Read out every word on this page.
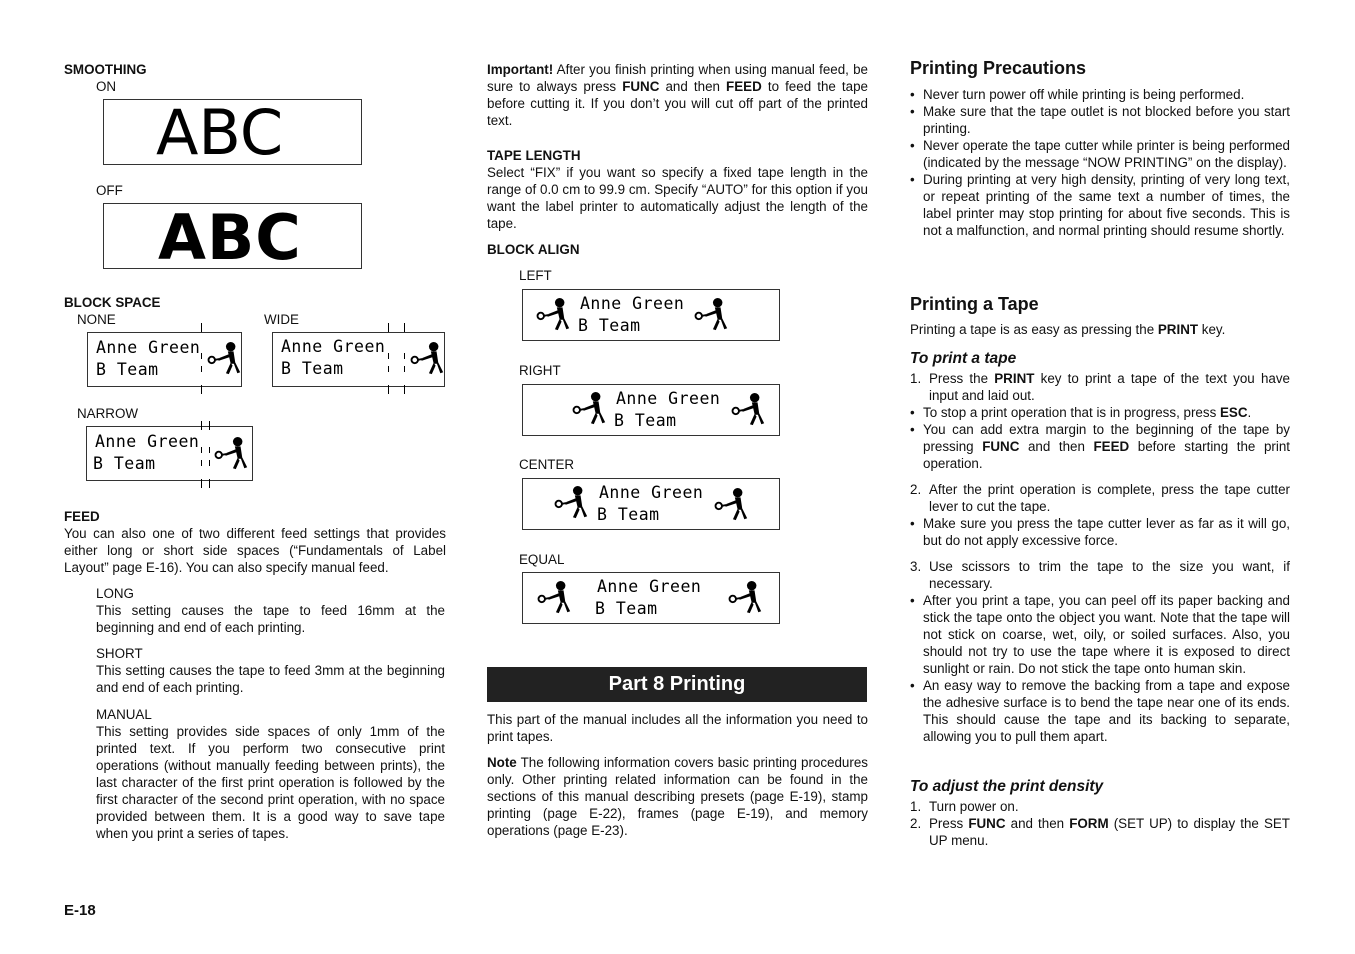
SMOOTHING
ON
ABC
OFF
ABC
BLOCK SPACE
NONE	WIDE
Anne Green
B Team
Anne Green
B Team
NARROW
Anne Green
B Team
FEED
You can also one of two different feed settings that provides either long or short side spaces (“Fundamentals of Label Layout” page E-16). You can also specify manual feed.
LONG
This setting causes the tape to feed 16mm at the beginning and end of each printing.
SHORT
This setting causes the tape to feed 3mm at the beginning and end of each printing.
MANUAL
This setting provides side spaces of only 1mm of the printed text. If you perform two consecutive print operations (without manually feeding between prints), the last character of the first print operation is followed by the first character of the second print operation, with no space provided between them. It is a good way to save tape when you print a series of tapes.
E-18
Important! After you finish printing when using manual feed, be sure to always press FUNC and then FEED to feed the tape before cutting it. If you don’t you will cut off part of the printed text.
TAPE LENGTH
Select “FIX” if you want so specify a fixed tape length in the range of 0.0 cm to 99.9 cm. Specify “AUTO” for this option if you want the label printer to automatically adjust the length of the tape.
BLOCK ALIGN
LEFT
Anne Green
B Team
RIGHT
Anne Green
B Team
CENTER
Anne Green
B Team
EQUAL
Anne Green
B Team
Part 8 Printing
This part of the manual includes all the information you need to print tapes.
Note The following information covers basic printing procedures only. Other printing related information can be found in the sections of this manual describing presets (page E-19), stamp printing (page E-22), frames (page E-19), and memory operations (page E-23).
Printing Precautions
• Never turn power off while printing is being performed.
• Make sure that the tape outlet is not blocked before you start printing.
• Never operate the tape cutter while printer is being performed (indicated by the message “NOW PRINTING” on the display).
• During printing at very high density, printing of very long text, or repeat printing of the same text a number of times, the label printer may stop printing for about five seconds. This is not a malfunction, and normal printing should resume shortly.
Printing a Tape
Printing a tape is as easy as pressing the PRINT key.
To print a tape
1. Press the PRINT key to print a tape of the text you have input and laid out.
• To stop a print operation that is in progress, press ESC.
• You can add extra margin to the beginning of the tape by pressing FUNC and then FEED before starting the print operation.
2. After the print operation is complete, press the tape cutter lever to cut the tape.
• Make sure you press the tape cutter lever as far as it will go, but do not apply excessive force.
3. Use scissors to trim the tape to the size you want, if necessary.
• After you print a tape, you can peel off its paper backing and stick the tape onto the object you want. Note that the tape will not stick on coarse, wet, oily, or soiled surfaces. Also, you should not try to use the tape where it is exposed to direct sunlight or rain. Do not stick the tape onto human skin.
• An easy way to remove the backing from a tape and expose the adhesive surface is to bend the tape near one of its ends. This should cause the tape and its backing to separate, allowing you to pull them apart.
To adjust the print density
1. Turn power on.
2. Press FUNC and then FORM (SET UP) to display the SET UP menu.
